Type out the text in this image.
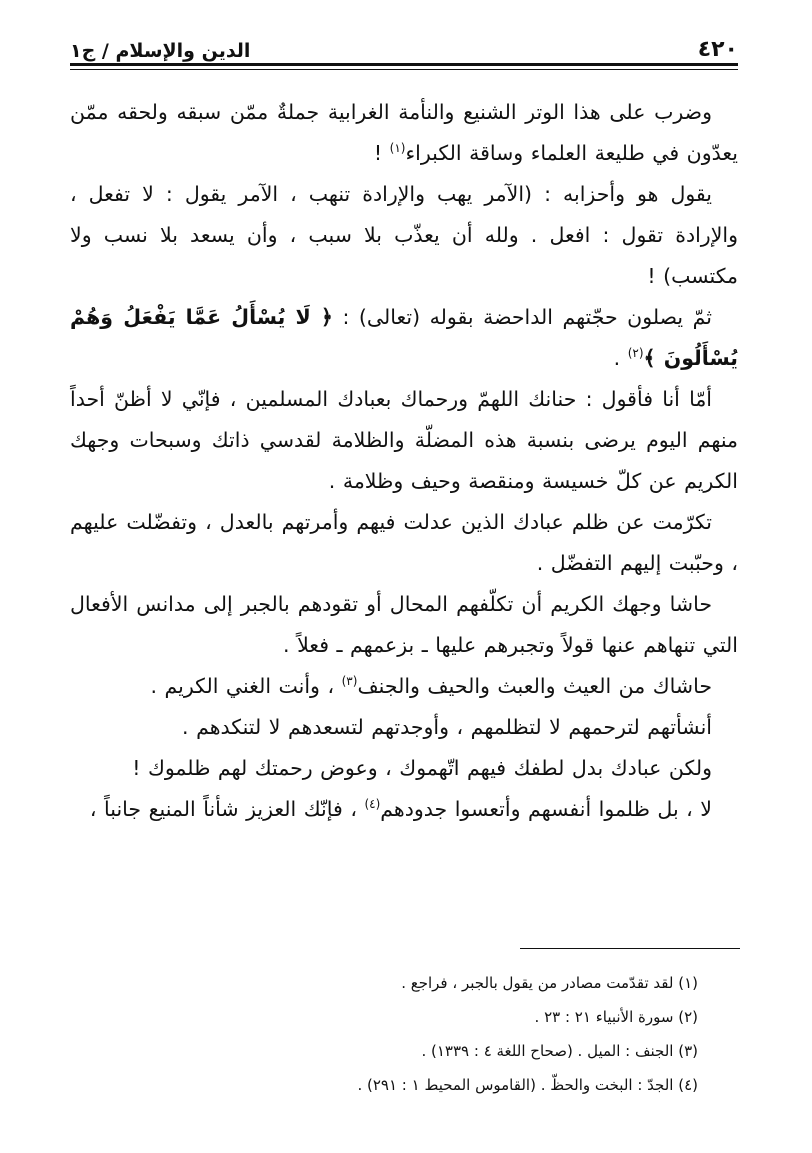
٤٢٠
الدين والإسلام / ج١

وضرب على هذا الوتر الشنيع والنأمة الغرابية جملةٌ ممّن سبقه ولحقه ممّن يعدّون في طليعة العلماء وساقة الكبراء$^{(١)}$ !

يقول هو وأحزابه : (الآمر يهب والإرادة تنهب ، الآمر يقول : لا تفعل ، والإرادة تقول : افعل . ولله أن يعذّب بلا سبب ، وأن يسعد بلا نسب ولا مكتسب) !

ثمّ يصلون حجّتهم الداحضة بقوله (تعالى) : ﴿ لَا يُسْأَلُ عَمَّا يَفْعَلُ وَهُمْ يُسْأَلُونَ ﴾$^{(٢)}$ .

أمّا أنا فأقول : حنانك اللهمّ ورحماك بعبادك المسلمين ، فإنّي لا أظنّ أحداً منهم اليوم يرضى بنسبة هذه المضلّة والظلامة لقدسي ذاتك وسبحات وجهك الكريم عن كلّ خسيسة ومنقصة وحيف وظلامة .

تكرّمت عن ظلم عبادك الذين عدلت فيهم وأمرتهم بالعدل ، وتفضّلت عليهم ، وحبّبت إليهم التفضّل .

حاشا وجهك الكريم أن تكلّفهم المحال أو تقودهم بالجبر إلى مدانس الأفعال التي تنهاهم عنها قولاً وتجبرهم عليها ـ بزعمهم ـ فعلاً .

حاشاك من العيث والعبث والحيف والجنف$^{(٣)}$ ، وأنت الغني الكريم .

أنشأتهم لترحمهم لا لتظلمهم ، وأوجدتهم لتسعدهم لا لتنكدهم .

ولكن عبادك بدل لطفك فيهم اتّهموك ، وعوض رحمتك لهم ظلموك !

لا ، بل ظلموا أنفسهم وأتعسوا جدودهم$^{(٤)}$ ، فإنّك العزيز شأناً المنيع جانباً ،

(١) لقد تقدّمت مصادر من يقول بالجبر ، فراجع .

(٢) سورة الأنبياء ٢١ : ٢٣ .

(٣) الجنف : الميل . (صحاح اللغة ٤ : ١٣٣٩) .

(٤) الجدّ : البخت والحظّ . (القاموس المحيط ١ : ٢٩١) .
